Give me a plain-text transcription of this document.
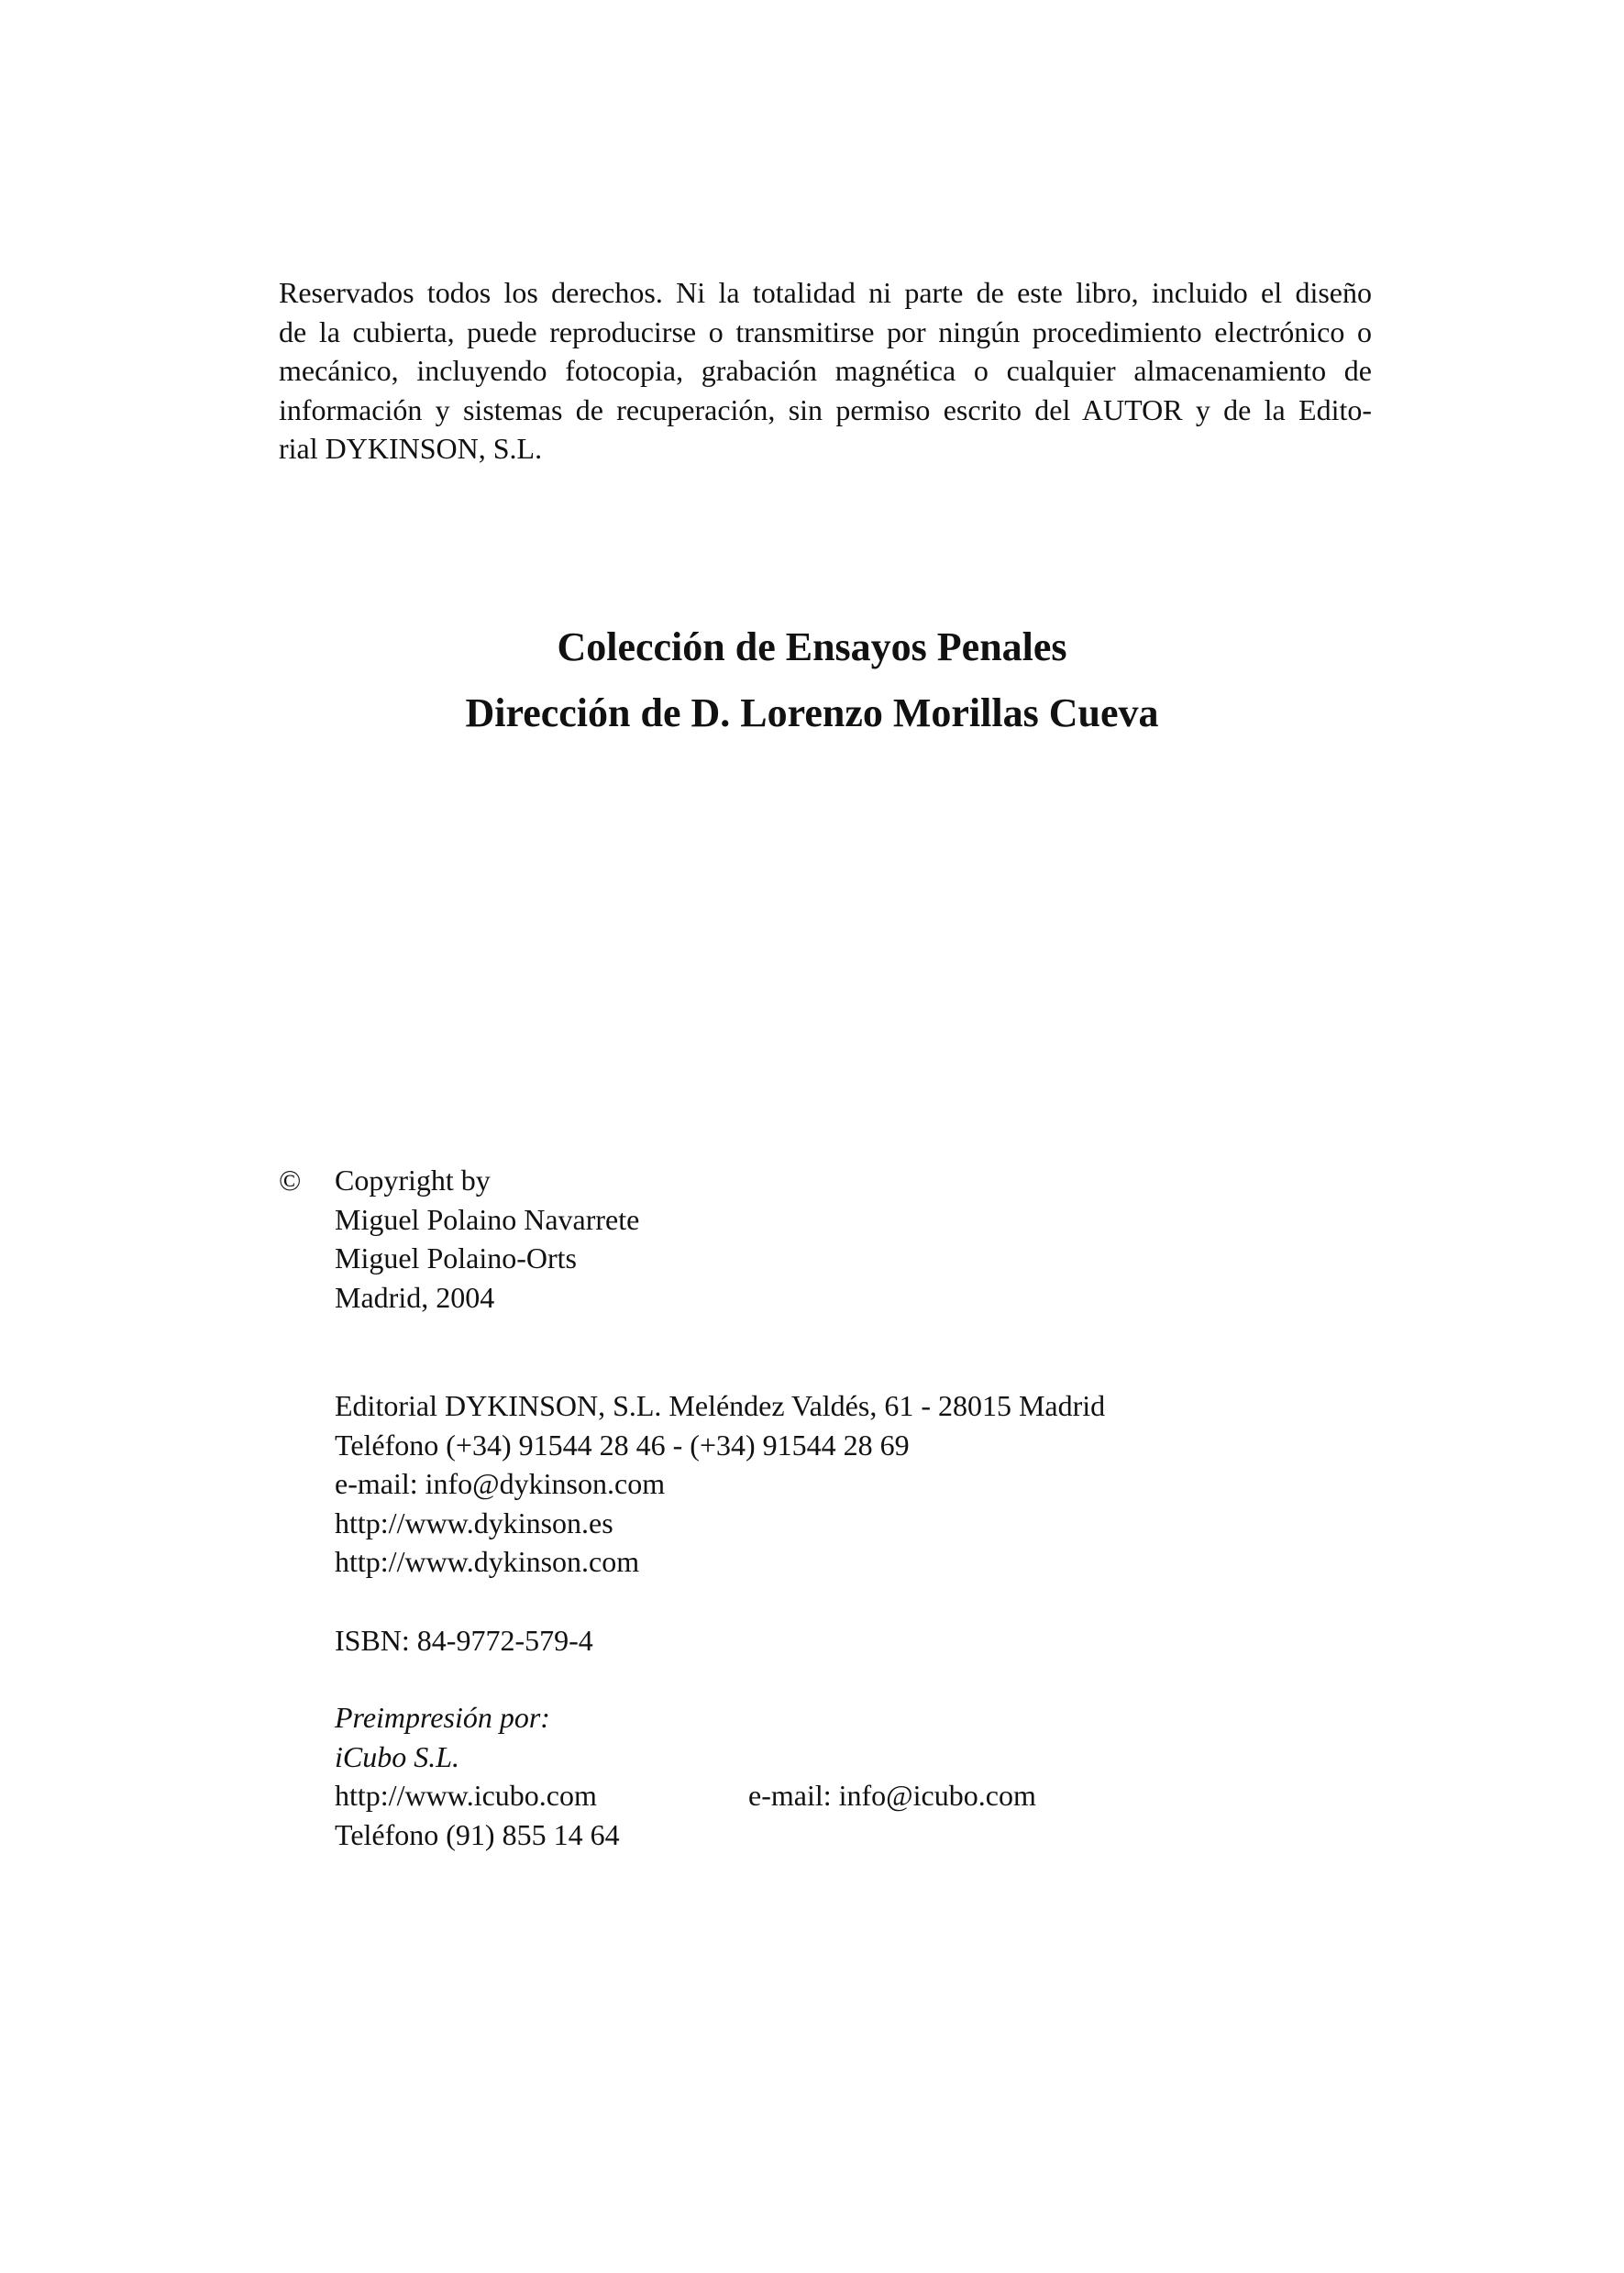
Reservados todos los derechos. Ni la totalidad ni parte de este libro, incluido el diseño
de la cubierta, puede reproducirse o transmitirse por ningún procedimiento electrónico o
mecánico, incluyendo fotocopia, grabación magnética o cualquier almacenamiento de
información y sistemas de recuperación, sin permiso escrito del AUTOR y de la Edito-
rial DYKINSON, S.L.
Colección de Ensayos Penales
Dirección de D. Lorenzo Morillas Cueva
© Copyright by
Miguel Polaino Navarrete
Miguel Polaino-Orts
Madrid, 2004
Editorial DYKINSON, S.L. Meléndez Valdés, 61 - 28015 Madrid
Teléfono (+34) 91544 28 46 - (+34) 91544 28 69
e-mail: info@dykinson.com
http://www.dykinson.es
http://www.dykinson.com
ISBN: 84-9772-579-4
Preimpresión por:
iCubo S.L.
http://www.icubo.com	e-mail: info@icubo.com
Teléfono (91) 855 14 64
